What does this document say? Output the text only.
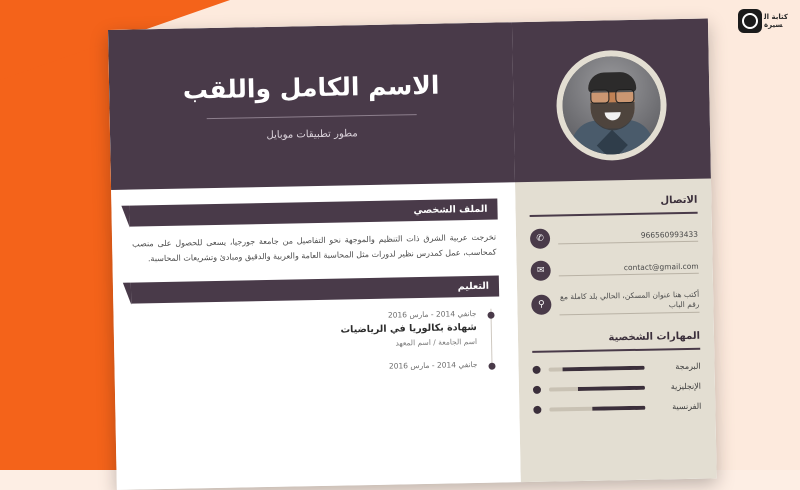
كتابة السيرة
الاتصال
✆	966560993433
✉	contact@gmail.com
⚲
أكتب هنا عنوان المسكن، الحالي بلد كاملة مع رقم الباب
المهارات الشخصية
البرمجة
الإنجليزية
الفرنسية
الاسم الكامل واللقب
مطور تطبيقات موبايل
الملف الشخصي
تخرجت عربية الشرق ذات التنظيم والموجهة نحو التفاصيل من جامعة جورجيا، يسعى للحصول على منصب كمحاسب، عمل كمدرس نظير لدورات مثل المحاسبة العامة والعربية والدقيق ومبادئ وتشريعات المحاسبة.
التعليم
جانفي 2014 - مارس 2016
شهادة بكالوريا في الرياضيات
اسم الجامعة / اسم المعهد
جانفي 2014 - مارس 2016
